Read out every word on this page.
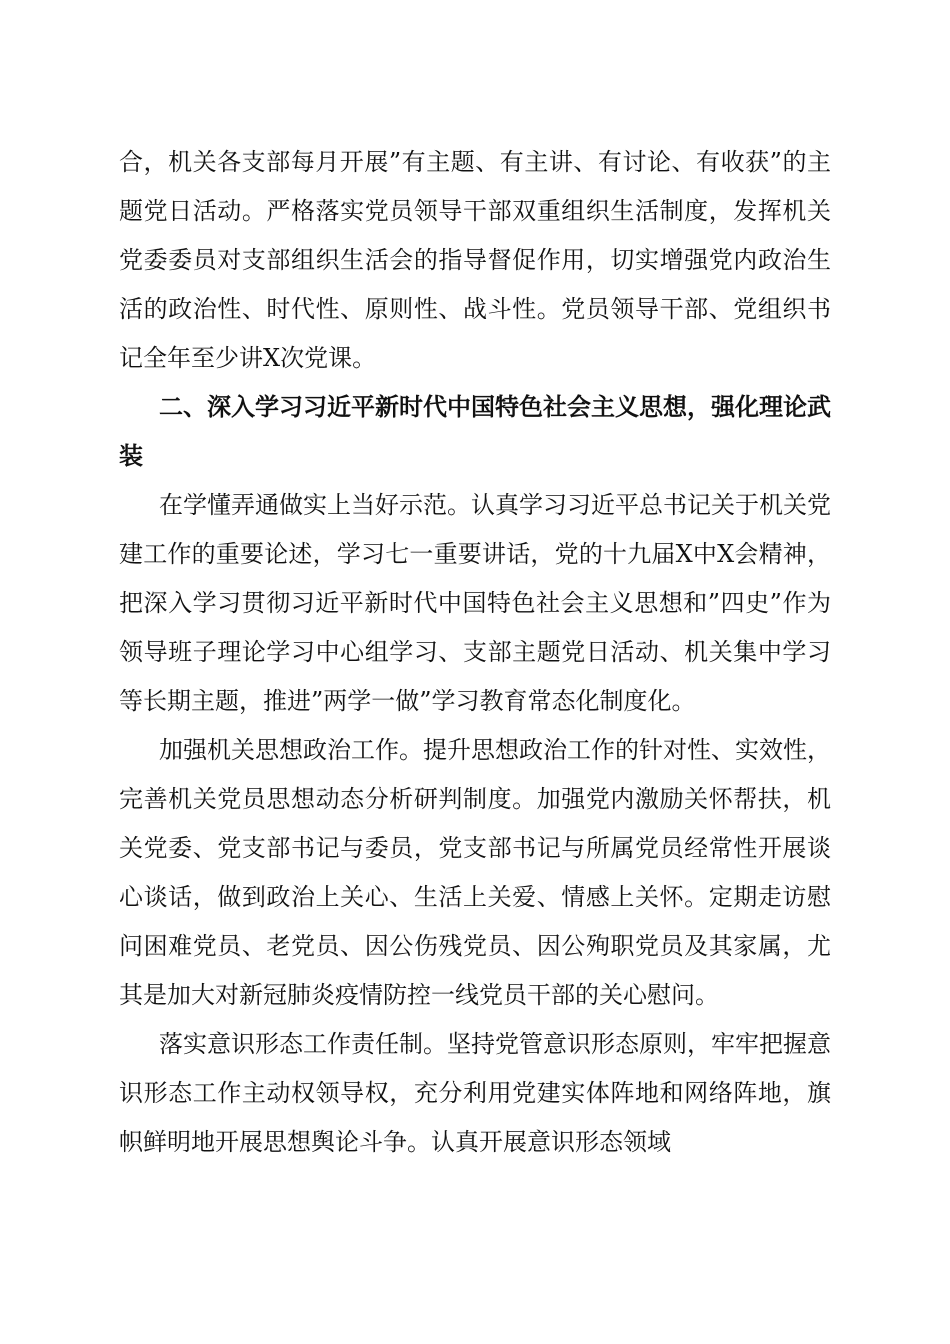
合，机关各支部每月开展”有主题、有主讲、有讨论、有收获”的主题党日活动。严格落实党员领导干部双重组织生活制度，发挥机关党委委员对支部组织生活会的指导督促作用，切实增强党内政治生活的政治性、时代性、原则性、战斗性。党员领导干部、党组织书记全年至少讲X次党课。

二、深入学习习近平新时代中国特色社会主义思想，强化理论武装

在学懂弄通做实上当好示范。认真学习习近平总书记关于机关党建工作的重要论述，学习七一重要讲话，党的十九届X中X会精神，把深入学习贯彻习近平新时代中国特色社会主义思想和”四史”作为领导班子理论学习中心组学习、支部主题党日活动、机关集中学习等长期主题，推进”两学一做”学习教育常态化制度化。

加强机关思想政治工作。提升思想政治工作的针对性、实效性，完善机关党员思想动态分析研判制度。加强党内激励关怀帮扶，机关党委、党支部书记与委员，党支部书记与所属党员经常性开展谈心谈话，做到政治上关心、生活上关爱、情感上关怀。定期走访慰问困难党员、老党员、因公伤残党员、因公殉职党员及其家属，尤其是加大对新冠肺炎疫情防控一线党员干部的关心慰问。

落实意识形态工作责任制。坚持党管意识形态原则，牢牢把握意识形态工作主动权领导权，充分利用党建实体阵地和网络阵地，旗帜鲜明地开展思想舆论斗争。认真开展意识形态领域
